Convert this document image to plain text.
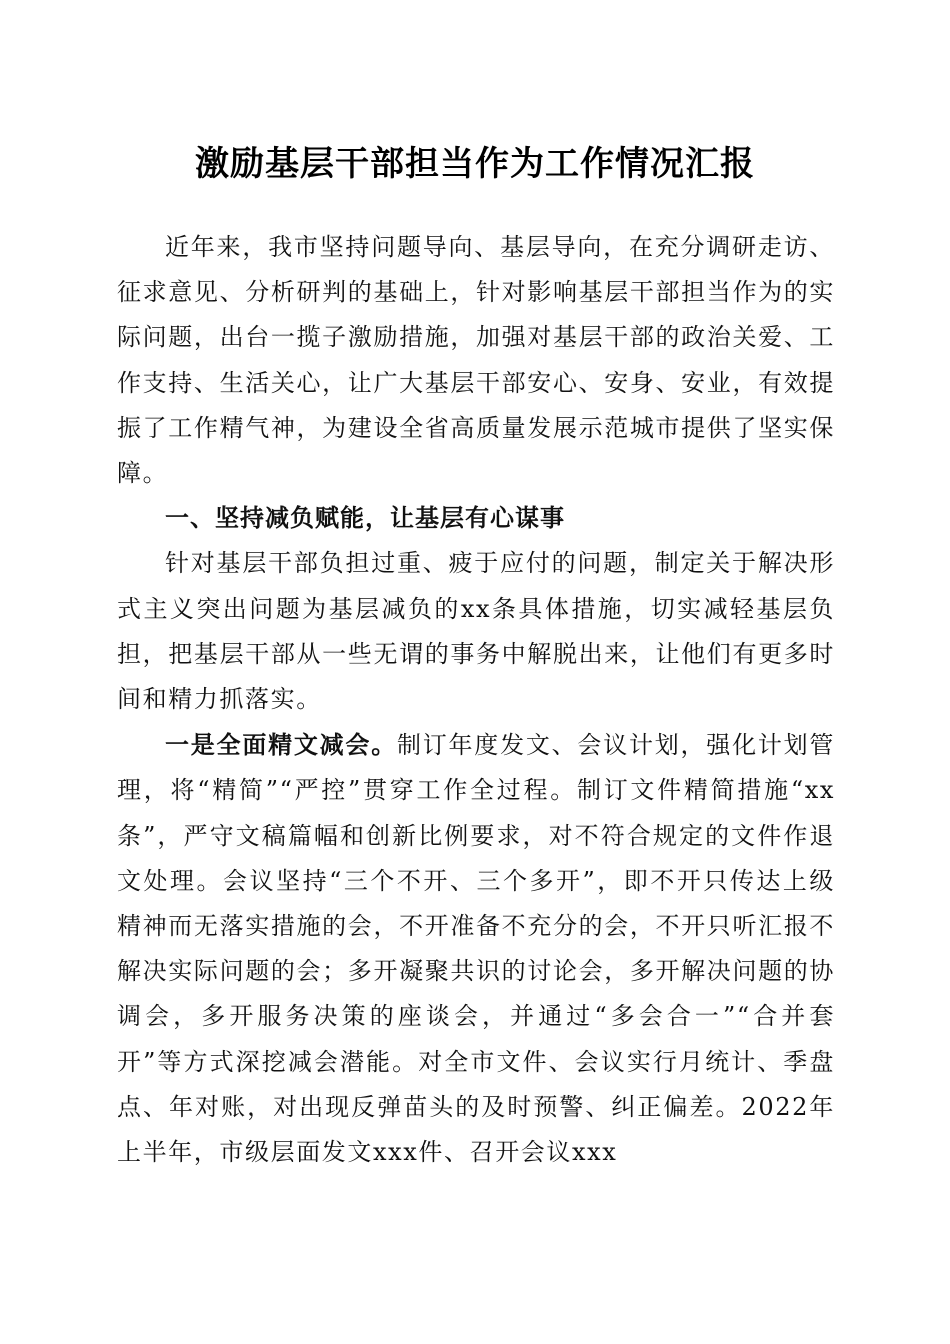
激励基层干部担当作为工作情况汇报

近年来，我市坚持问题导向、基层导向，在充分调研走访、征求意见、分析研判的基础上，针对影响基层干部担当作为的实际问题，出台一揽子激励措施，加强对基层干部的政治关爱、工作支持、生活关心，让广大基层干部安心、安身、安业，有效提振了工作精气神，为建设全省高质量发展示范城市提供了坚实保障。

一、坚持减负赋能，让基层有心谋事

针对基层干部负担过重、疲于应付的问题，制定关于解决形式主义突出问题为基层减负的xx条具体措施，切实减轻基层负担，把基层干部从一些无谓的事务中解脱出来，让他们有更多时间和精力抓落实。

一是全面精文减会。制订年度发文、会议计划，强化计划管理，将“精简”“严控”贯穿工作全过程。制订文件精简措施“xx条”，严守文稿篇幅和创新比例要求，对不符合规定的文件作退文处理。会议坚持“三个不开、三个多开”，即不开只传达上级精神而无落实措施的会，不开准备不充分的会，不开只听汇报不解决实际问题的会；多开凝聚共识的讨论会，多开解决问题的协调会，多开服务决策的座谈会，并通过“多会合一”“合并套开”等方式深挖减会潜能。对全市文件、会议实行月统计、季盘点、年对账，对出现反弹苗头的及时预警、纠正偏差。2022年上半年，市级层面发文xxx件、召开会议xxx
